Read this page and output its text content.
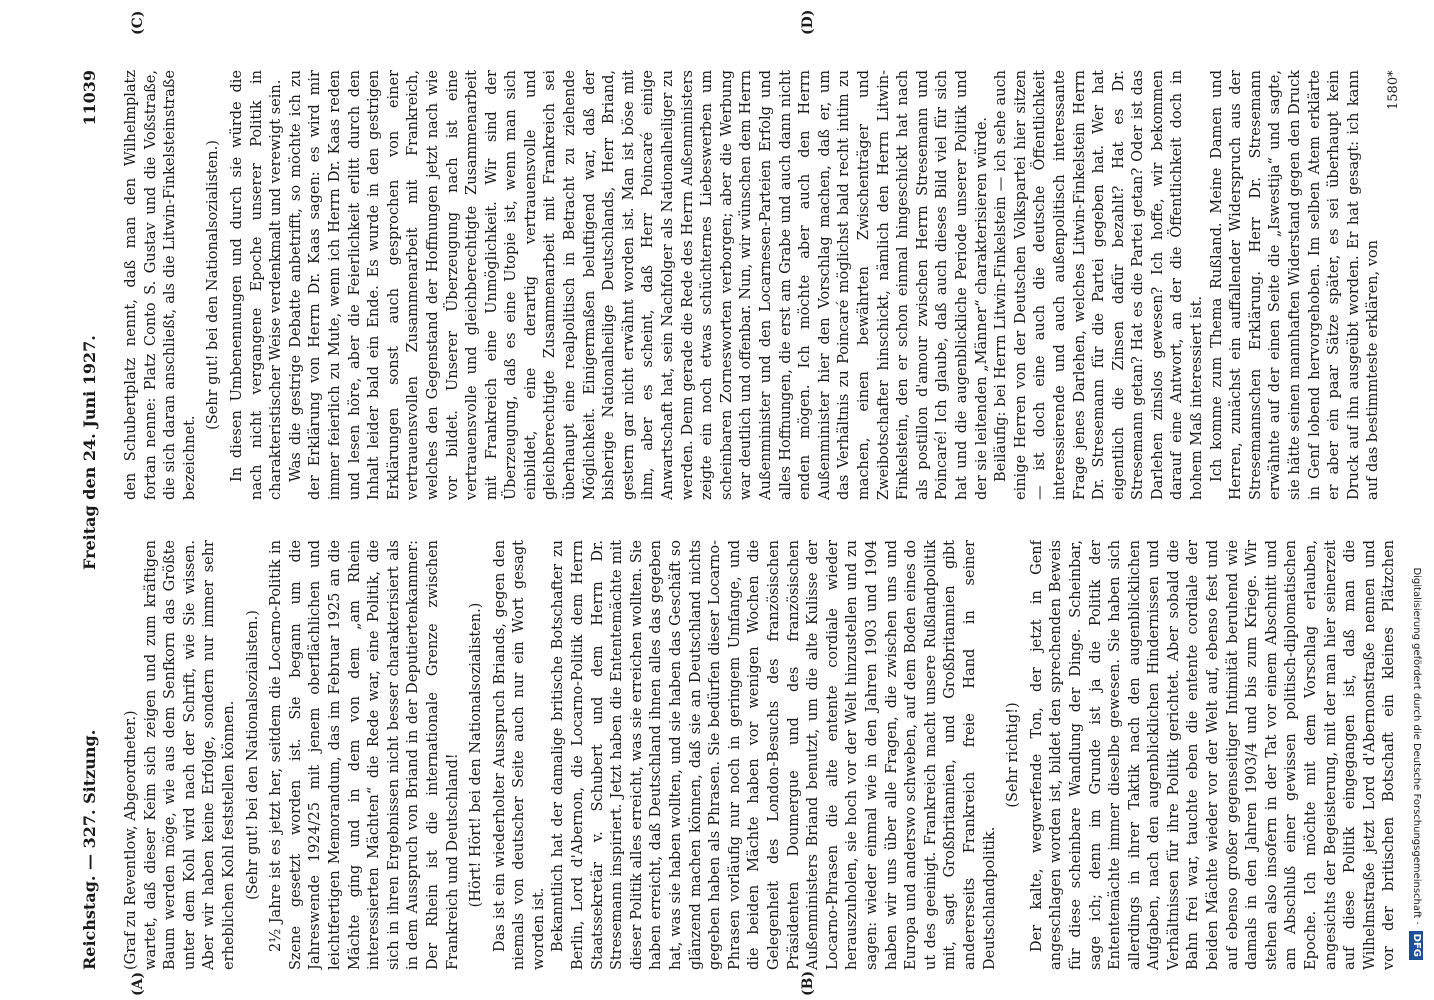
Reichstag. — 327. Sitzung.
Freitag den 24. Juni 1927.
11039

(Graf zu Reventlow, Abgeordneter.) wartet, daß dieser Keim sich zeigen und zum kräftigen Baum werden möge, wie aus dem Senfkorn das Größte unter dem Kohl wird nach der Schrift, wie Sie wissen. Aber wir haben keine Erfolge, sondern nur immer sehr erheblichen Kohl feststellen können. (Sehr gut! bei den Nationalsozialisten.) 2½ Jahre ist es jetzt her, seitdem die Locarno-Politik in Szene gesetzt worden ist. Sie begann um die Jahreswende 1924/25 mit jenem oberflächlichen und leichtfertigen Memorandum, das im Februar 1925 an die Mächte ging und in dem von dem „am Rhein interessierten Mächten“ die Rede war, eine Politik, die sich in ihren Ergebnissen nicht besser charakterisiert als in dem Ausspruch von Briand in der Deputiertenkammer: Der Rhein ist die internationale Grenze zwischen Frankreich und Deutschland! (Hört! Hört! bei den Nationalsozialisten.) Das ist ein wiederholter Ausspruch Briands, gegen den niemals von deutscher Seite auch nur ein Wort gesagt worden ist. Bekanntlich hat der damalige britische Botschafter zu Berlin, Lord d'Abernon, die Locarno-Politik dem Herrn Staatssekretär v. Schubert und dem Herrn Dr. Stresemann inspiriert. Jetzt haben die Ententemächte mit dieser Politik alles erreicht, was sie erreichen wollten. Sie haben erreicht, daß Deutschland ihnen alles das gegeben hat, was sie haben wollten, und sie haben das Geschäft so glänzend machen können, daß sie an Deutschland nichts gegeben haben als Phrasen. Sie bedürfen dieser Locarno-Phrasen vorläufig nur noch in geringem Umfange, und die beiden Mächte haben vor wenigen Wochen die Gelegenheit des London-Besuchs des französischen Präsidenten Doumergue und des französischen Außenministers Briand benutzt, um die alte Kulisse der Locarno-Phrasen die alte entente cordiale wieder herauszuholen, sie hoch vor der Welt hinzustellen und zu sagen: wieder einmal wie in den Jahren 1903 und 1904 haben wir uns über alle Fragen, die zwischen uns und Europa und anderswo schweben, auf dem Boden eines do ut des geeinigt. Frankreich macht unsere Rußlandpolitik mit, sagt Großbritannien, und Großbritannien gibt andererseits Frankreich freie Hand in seiner Deutschlandpolitik.

(Sehr richtig!)

Der kalte, wegwerfende Ton, der jetzt in Genf angeschlagen worden ist, bildet den sprechenden Beweis für diese scheinbare Wandlung der Dinge. Scheinbar, sage ich; denn im Grunde ist ja die Politik der Ententemächte immer dieselbe gewesen. Sie haben sich allerdings in ihrer Taktik nach den augenblicklichen Aufgaben, nach den augenblicklichen Hindernissen und Verhältnissen für ihre Politik gerichtet. Aber sobald die Bahn frei war, tauchte eben die entente cordiale der beiden Mächte wieder vor der Welt auf, ebenso fest und auf ebenso großer gegenseitiger Intimität beruhend wie damals in den Jahren 1903/4 und bis zum Kriege. Wir stehen also insofern in der Tat vor einem Abschnitt und am Abschluß einer gewissen politisch-diplomatischen Epoche. Ich möchte mit dem Vorschlag erlauben, angesichts der Begeisterung, mit der man hier seinerzeit auf diese Politik eingegangen ist, daß man die Wilhelmstraße jetzt Lord d'Abernonstraße nennen und vor der britischen Botschaft ein kleines Plätzchen

den Schubertplatz nennt, daß man den Wilhelmplatz fortan nenne: Platz Conto S. Gustav und die Voßstraße, die sich daran anschließt, als die Litwin-Finkelsteinstraße bezeichnet.

(Sehr gut! bei den Nationalsozialisten.) In diesen Umbenennungen und durch sie würde die nach nicht vergangene Epoche unserer Politik in charakteristischer Weise verdenkmalt und verewigt sein. Was die gestrige Debatte anbetrifft, so möchte ich zu der Erklärung von Herrn Dr. Kaas sagen: es wird mir immer feierlich zu Mute, wenn ich Herrn Dr. Kaas reden und lesen höre, aber die Feierlichkeit erlitt durch den Inhalt leider bald ein Ende. Es wurde in den gestrigen Erklärungen sonst auch gesprochen von einer vertrauensvollen Zusammenarbeit mit Frankreich, welches den Gegenstand der Hoffnungen jetzt nach wie vor bildet. Unserer Überzeugung nach ist eine vertrauensvolle und gleichberechtigte Zusammenarbeit mit Frankreich eine Unmöglichkeit. Wir sind der Überzeugung, daß es eine Utopie ist, wenn man sich einbildet, eine derartig vertrauensvolle und gleichberechtigte Zusammenarbeit mit Frankreich sei überhaupt eine realpolitisch in Betracht zu ziehende Möglichkeit. Einigermaßen beluftigend war, daß der bisherige Nationalheilige Deutschlands, Herr Briand, gestern gar nicht erwähnt worden ist. Man ist böse mit ihm, aber es scheint, daß Herr Poincaré einige Anwartschaft hat, sein Nachfolger als Nationalheiliger zu werden. Denn gerade die Rede des Herrn Außenministers zeigte ein noch etwas schüchternes Liebeswerben um scheinbaren Zornesworten verborgen; aber die Werbung war deutlich und offenbar. Nun, wir wünschen dem Herrn Außenminister und den Locarnesen-Parteien Erfolg und alles Hoffnungen, die erst am Grabe und auch dann nicht enden mögen. Ich möchte aber auch den Herrn Außenminister hier den Vorschlag machen, daß er, um das Verhältnis zu Poincaré möglichst bald recht intim zu machen, einen bewährten Zwischenträger und Zweibotschafter hinschickt, nämlich den Herrn Litwin-Finkelstein, den er schon einmal hingeschickt hat nach als postillon d'amour zwischen Herrn Stresemann und Poincaré! Ich glaube, daß auch dieses Bild viel für sich hat und die augenblickliche Periode unserer Politik und der sie leitenden „Männer“ charakterisieren würde. Beiläufig: bei Herrn Litwin-Finkelstein — ich sehe auch einige Herren von der Deutschen Volkspartei hier sitzen — ist doch eine auch die deutsche Öffentlichkeit interessierende und auch außenpolitisch interessante Frage jenes Darlehen, welches Litwin-Finkelstein Herrn Dr. Stresemann für die Partei gegeben hat. Wer hat eigentlich die Zinsen dafür bezahlt? Hat es Dr. Stresemann getan? Hat es die Partei getan? Oder ist das Darlehen zinslos gewesen? Ich hoffe, wir bekommen darauf eine Antwort, an der die Öffentlichkeit doch in hohem Maß interessiert ist. Ich komme zum Thema Rußland. Meine Damen und Herren, zunächst ein auffallender Widerspruch aus der Stresemannschen Erklärung. Herr Dr. Stresemann erwähnte auf der einen Seite die „Iswestija“ und sagte, sie hätte seinen mannhaften Widerstand gegen den Druck in Genf lobend hervorgehoben. Im selben Atem erklärte er aber ein paar Sätze später, es sei überhaupt kein Druck auf ihn ausgeübt worden. Er hat gesagt: ich kann auf das bestimmteste erklären, von

(A)	(B)
(C)	(D)
1580*
Digitalisierung gefördert durch die Deutsche Forschungsgemeinschaft ·DFG
